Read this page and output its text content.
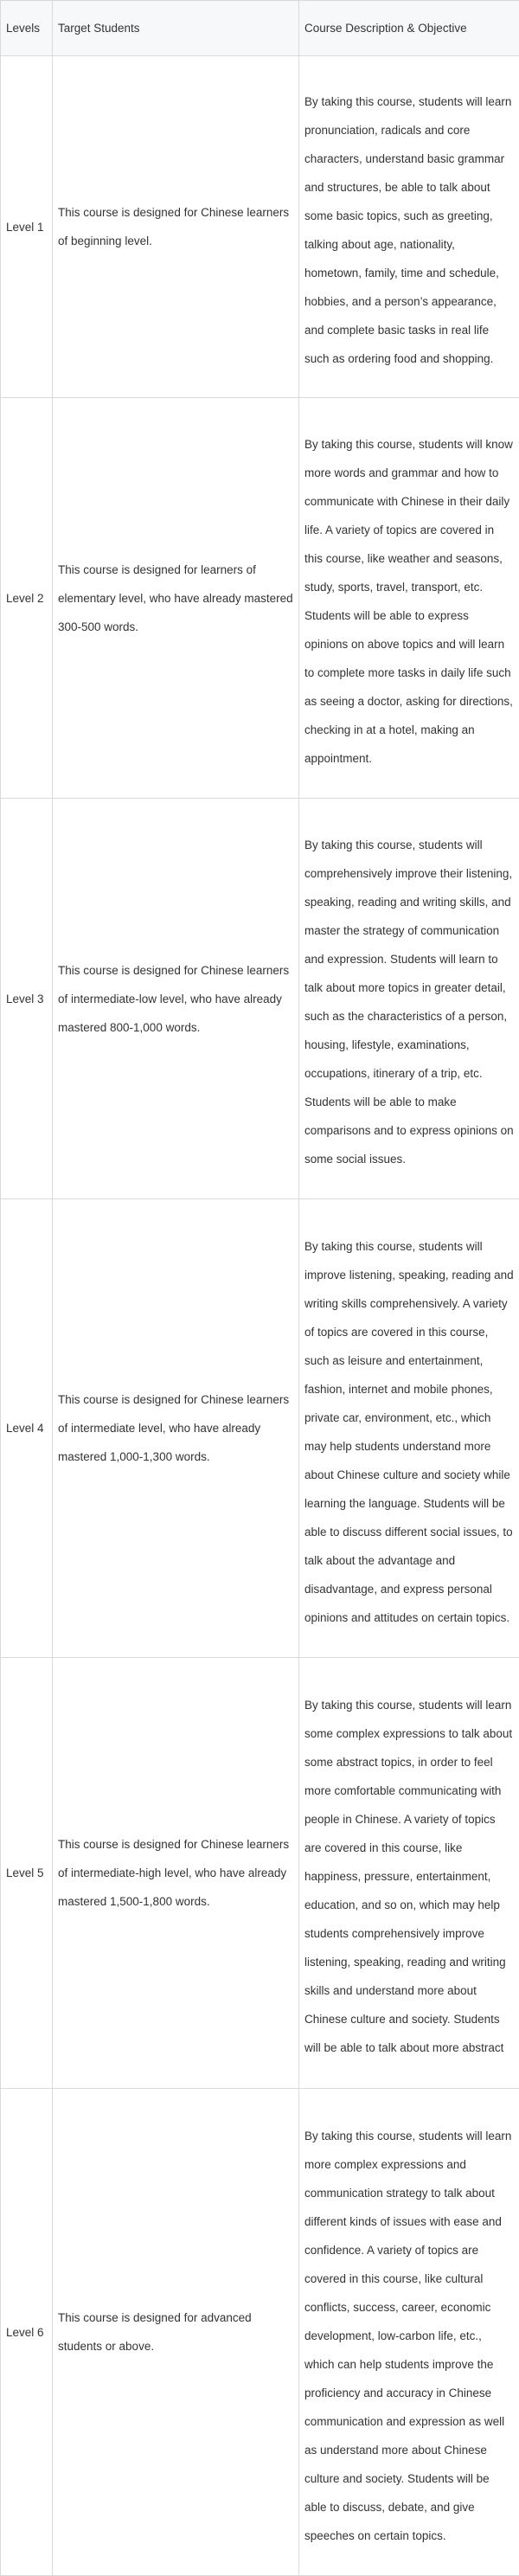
Levels	Target Students	Course Description & Objective
Level 1	This course is designed for Chinese learners of beginning level.	By taking this course, students will learn pronunciation, radicals and core characters, understand basic grammar and structures, be able to talk about some basic topics, such as greeting, talking about age, nationality, hometown, family, time and schedule, hobbies, and a person’s appearance, and complete basic tasks in real life such as ordering food and shopping.
Level 2	This course is designed for learners of elementary level, who have already mastered 300-500 words.	By taking this course, students will know more words and grammar and how to communicate with Chinese in their daily life. A variety of topics are covered in this course, like weather and seasons, study, sports, travel, transport, etc. Students will be able to express opinions on above topics and will learn to complete more tasks in daily life such as seeing a doctor, asking for directions, checking in at a hotel, making an appointment.
Level 3	This course is designed for Chinese learners of intermediate-low level, who have already mastered 800-1,000 words.	By taking this course, students will comprehensively improve their listening, speaking, reading and writing skills, and master the strategy of communication and expression. Students will learn to talk about more topics in greater detail, such as the characteristics of a person, housing, lifestyle, examinations, occupations, itinerary of a trip, etc. Students will be able to make comparisons and to express opinions on some social issues.
Level 4	This course is designed for Chinese learners of intermediate level, who have already mastered 1,000-1,300 words.	By taking this course, students will improve listening, speaking, reading and writing skills comprehensively. A variety of topics are covered in this course, such as leisure and entertainment, fashion, internet and mobile phones, private car, environment, etc., which may help students understand more about Chinese culture and society while learning the language. Students will be able to discuss different social issues, to talk about the advantage and disadvantage, and express personal opinions and attitudes on certain topics.
Level 5	This course is designed for Chinese learners of intermediate-high level, who have already mastered 1,500-1,800 words.	By taking this course, students will learn some complex expressions to talk about some abstract topics, in order to feel more comfortable communicating with people in Chinese. A variety of topics are covered in this course, like happiness, pressure, entertainment, education, and so on, which may help students comprehensively improve listening, speaking, reading and writing skills and understand more about Chinese culture and society. Students will be able to talk about more abstract
Level 6	This course is designed for advanced students or above.	By taking this course, students will learn more complex expressions and communication strategy to talk about different kinds of issues with ease and confidence. A variety of topics are covered in this course, like cultural conflicts, success, career, economic development, low-carbon life, etc., which can help students improve the proficiency and accuracy in Chinese communication and expression as well as understand more about Chinese culture and society. Students will be able to discuss, debate, and give speeches on certain topics.
